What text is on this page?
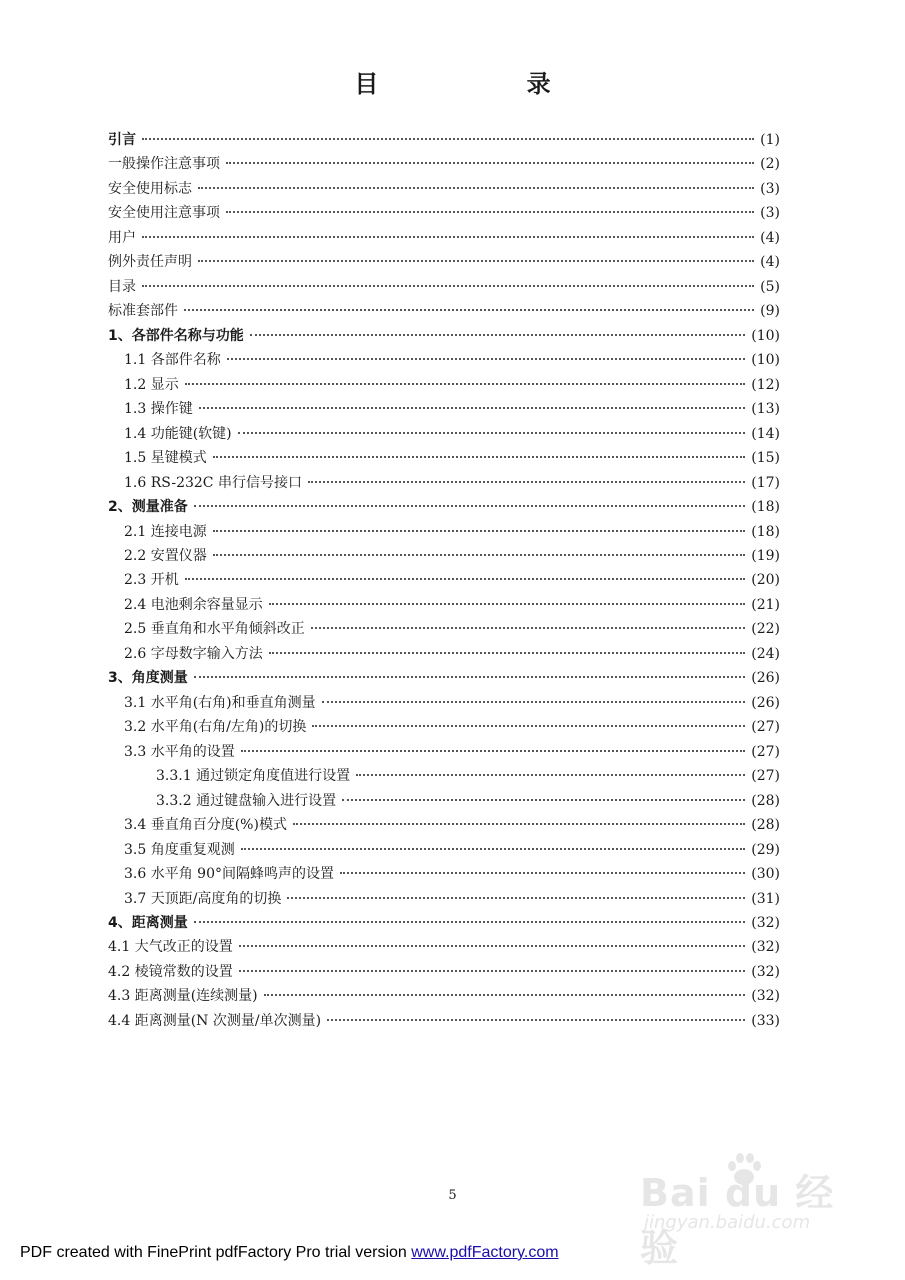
目 录
引言	(1)
一般操作注意事项	(2)
安全使用标志	(3)
安全使用注意事项	(3)
用户	(4)
例外责任声明	(4)
目录	(5)
标准套部件	(9)
1、各部件名称与功能	(10)
1.1 各部件名称	(10)
1.2 显示	(12)
1.3 操作键	(13)
1.4 功能键(软键)	(14)
1.5 星键模式	(15)
1.6 RS-232C 串行信号接口	(17)
2、测量准备	(18)
2.1 连接电源	(18)
2.2 安置仪器	(19)
2.3 开机	(20)
2.4 电池剩余容量显示	(21)
2.5 垂直角和水平角倾斜改正	(22)
2.6 字母数字输入方法	(24)
3、角度测量	(26)
3.1 水平角(右角)和垂直角测量	(26)
3.2 水平角(右角/左角)的切换	(27)
3.3 水平角的设置	(27)
3.3.1 通过锁定角度值进行设置	(27)
3.3.2 通过键盘输入进行设置	(28)
3.4 垂直角百分度(%)模式	(28)
3.5 角度重复观测	(29)
3.6 水平角 90°间隔蜂鸣声的设置	(30)
3.7 天顶距/高度角的切换	(31)
4、距离测量	(32)
4.1 大气改正的设置	(32)
4.2 棱镜常数的设置	(32)
4.3 距离测量(连续测量)	(32)
4.4 距离测量(N 次测量/单次测量)	(33)
5	Bai du 经验
jingyan.baidu.com
PDF created with FinePrint pdfFactory Pro trial version www.pdfFactory.com
